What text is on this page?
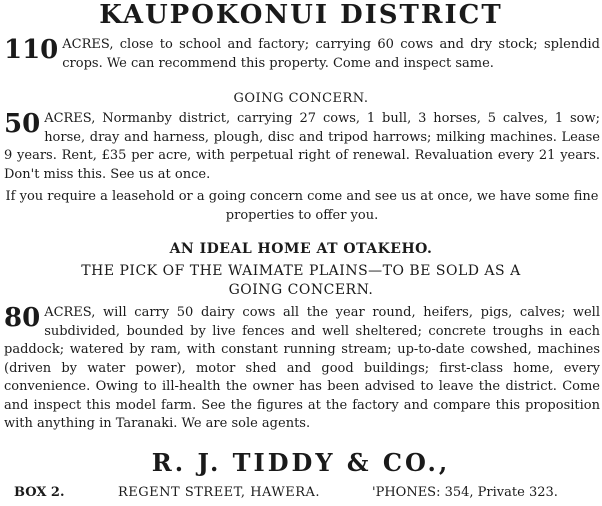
KAUPOKONUI DISTRICT
110 ACRES, close to school and factory; carrying 60 cows and dry stock; splendid crops. We can recommend this property. Come and inspect same.
GOING CONCERN.
50 ACRES, Normanby district, carrying 27 cows, 1 bull, 3 horses, 5 calves, 1 sow; horse, dray and harness, plough, disc and tripod harrows; milking machines. Lease 9 years. Rent, £35 per acre, with perpetual right of renewal. Revaluation every 21 years. Don't miss this. See us at once.
If you require a leasehold or a going concern come and see us at once, we have some fine properties to offer you.
AN IDEAL HOME AT OTAKEHO.
THE PICK OF THE WAIMATE PLAINS—TO BE SOLD AS A GOING CONCERN.
80 ACRES, will carry 50 dairy cows all the year round, heifers, pigs, calves; well subdivided, bounded by live fences and well sheltered; concrete troughs in each paddock; watered by ram, with constant running stream; up-to-date cowshed, machines (driven by water power), motor shed and good buildings; first-class home, every convenience. Owing to ill-health the owner has been advised to leave the district. Come and inspect this model farm. See the figures at the factory and compare this proposition with anything in Taranaki. We are sole agents.
R. J. TIDDY & CO.,
BOX 2.	REGENT STREET, HAWERA.	'PHONES: 354, Private 323.
